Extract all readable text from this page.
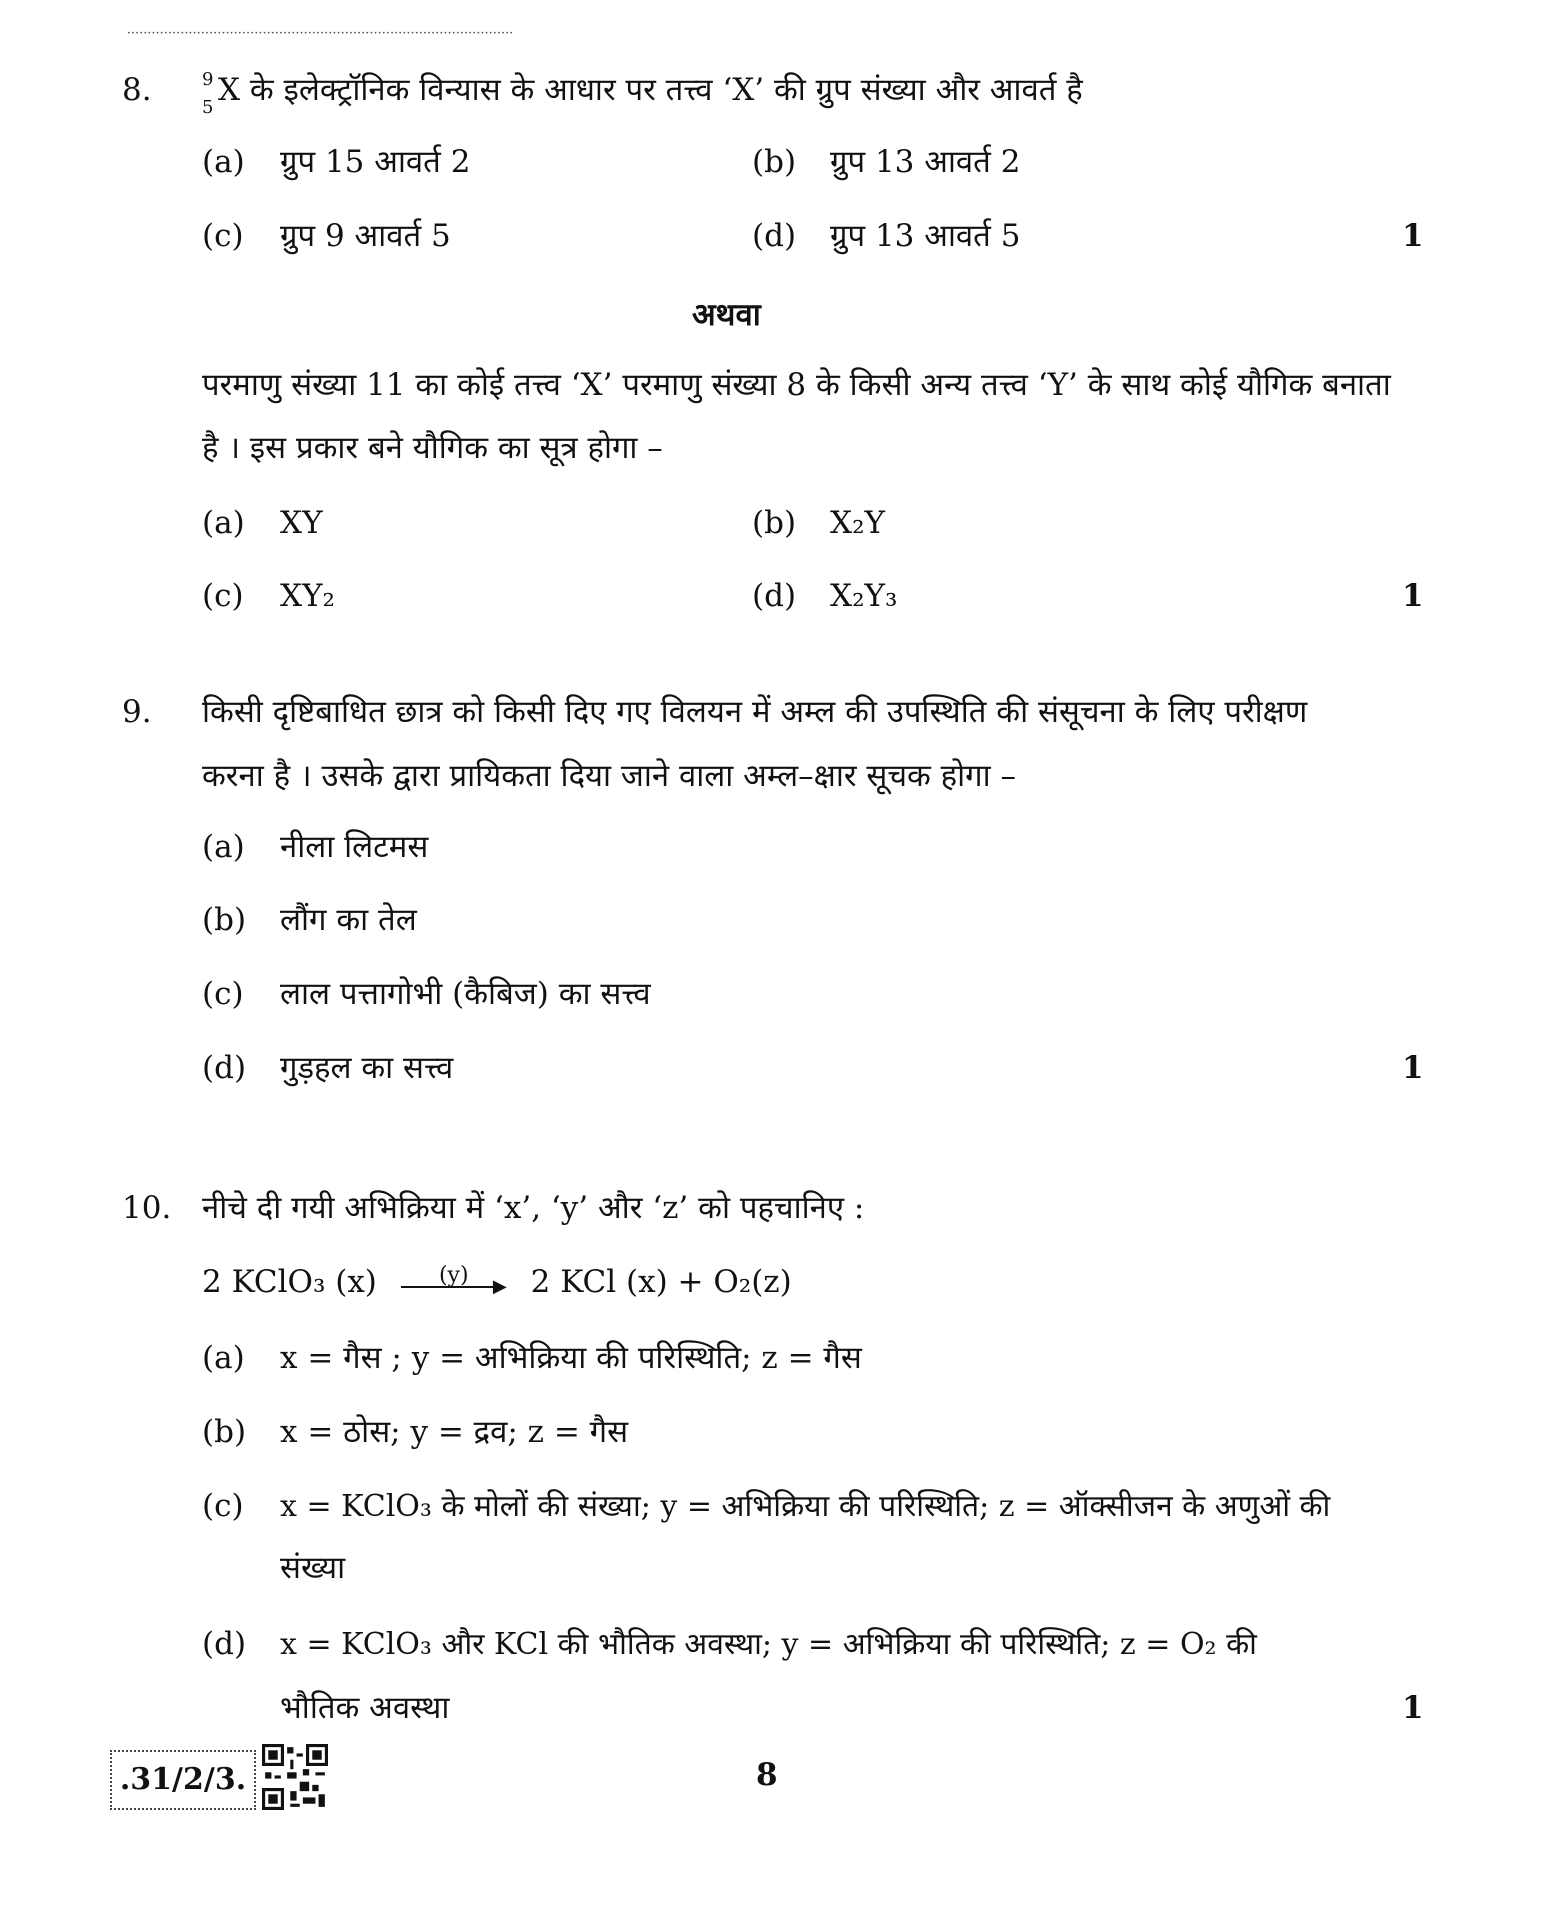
••••••••••••••••••••••••••••••••••••••••••••••••••••••••••••••••••••••••••••••••••••••••••••••
8.	9
5 X के इलेक्ट्रॉनिक विन्यास के आधार पर तत्त्व ‘X’ की ग्रुप संख्या और आवर्त है
(a) ग्रुप 15 आवर्त 2	(b) ग्रुप 13 आवर्त 2
(c) ग्रुप 9 आवर्त 5	(d) ग्रुप 13 आवर्त 5	1
अथवा
परमाणु संख्या 11 का कोई तत्त्व ‘X’ परमाणु संख्या 8 के किसी अन्य तत्त्व ‘Y’ के साथ कोई यौगिक बनाता
है । इस प्रकार बने यौगिक का सूत्र होगा –
(a) XY	(b) X₂Y
(c) XY₂	(d) X₂Y₃	1
9. किसी दृष्टिबाधित छात्र को किसी दिए गए विलयन में अम्ल की उपस्थिति की संसूचना के लिए परीक्षण
करना है । उसके द्वारा प्रायिकता दिया जाने वाला अम्ल–क्षार सूचक होगा –
(a) नीला लिटमस
(b) लौंग का तेल
(c) लाल पत्तागोभी (कैबिज) का सत्त्व
(d) गुड़हल का सत्त्व	1
10. नीचे दी गयी अभिक्रिया में ‘x’, ‘y’ और ‘z’ को पहचानिए :
2 KClO₃ (x)	(y)	▶ 2 KCl (x) + O₂(z)
(a) x = गैस ; y = अभिक्रिया की परिस्थिति; z = गैस
(b) x = ठोस; y = द्रव; z = गैस
(c) x = KClO₃ के मोलों की संख्या; y = अभिक्रिया की परिस्थिति; z = ऑक्सीजन के अणुओं की
संख्या
(d) x = KClO₃ और KCl की भौतिक अवस्था; y = अभिक्रिया की परिस्थिति; z = O₂ की
भौतिक अवस्था	1
.31/2/3.	8
